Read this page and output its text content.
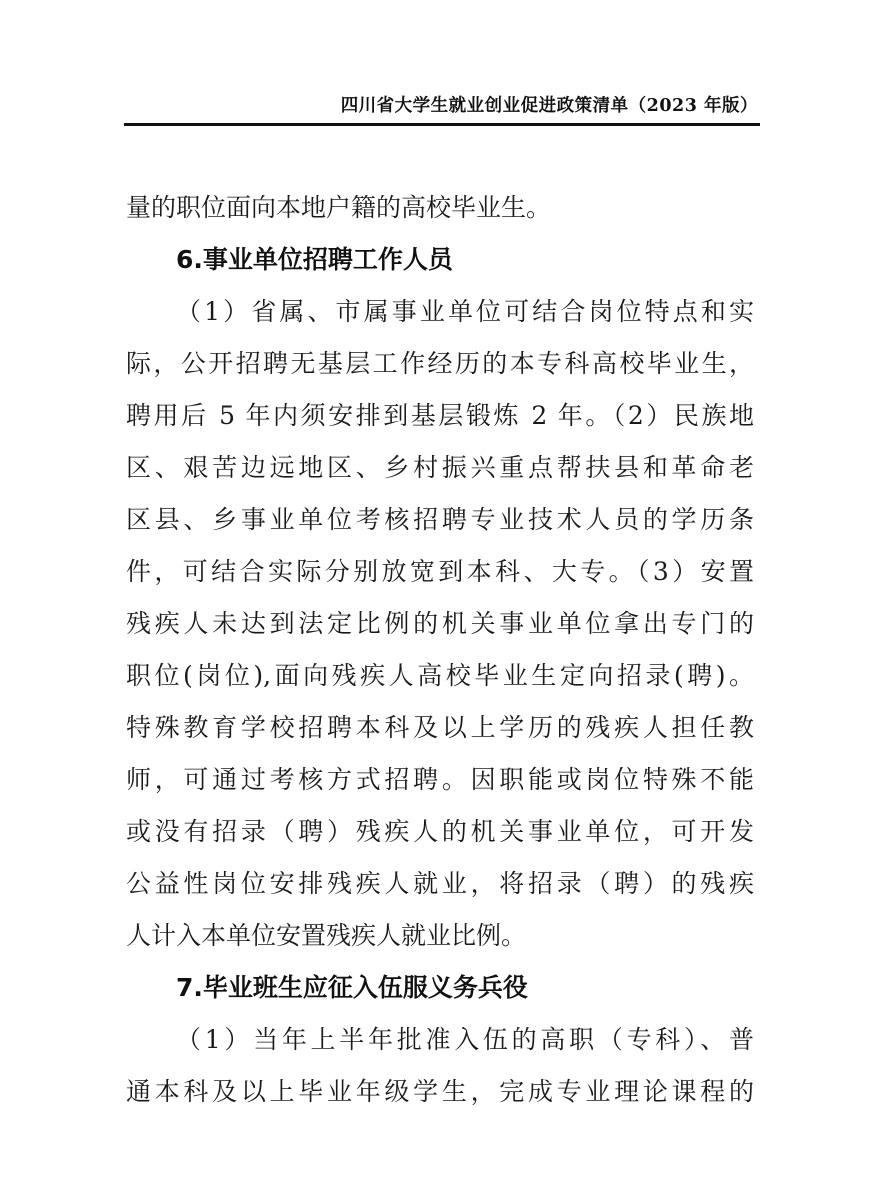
四川省大学生就业创业促进政策清单（2023 年版）
量的职位面向本地户籍的高校毕业生。
6.事业单位招聘工作人员
（1）省属、市属事业单位可结合岗位特点和实
际，公开招聘无基层工作经历的本专科高校毕业生，
聘用后 5 年内须安排到基层锻炼 2 年。（2）民族地
区、艰苦边远地区、乡村振兴重点帮扶县和革命老
区县、乡事业单位考核招聘专业技术人员的学历条
件，可结合实际分别放宽到本科、大专。（3）安置
残疾人未达到法定比例的机关事业单位拿出专门的
职位(岗位),面向残疾人高校毕业生定向招录(聘)。
特殊教育学校招聘本科及以上学历的残疾人担任教
师，可通过考核方式招聘。因职能或岗位特殊不能
或没有招录（聘）残疾人的机关事业单位，可开发
公益性岗位安排残疾人就业，将招录（聘）的残疾
人计入本单位安置残疾人就业比例。
7.毕业班生应征入伍服义务兵役
（1）当年上半年批准入伍的高职（专科）、普
通本科及以上毕业年级学生，完成专业理论课程的
